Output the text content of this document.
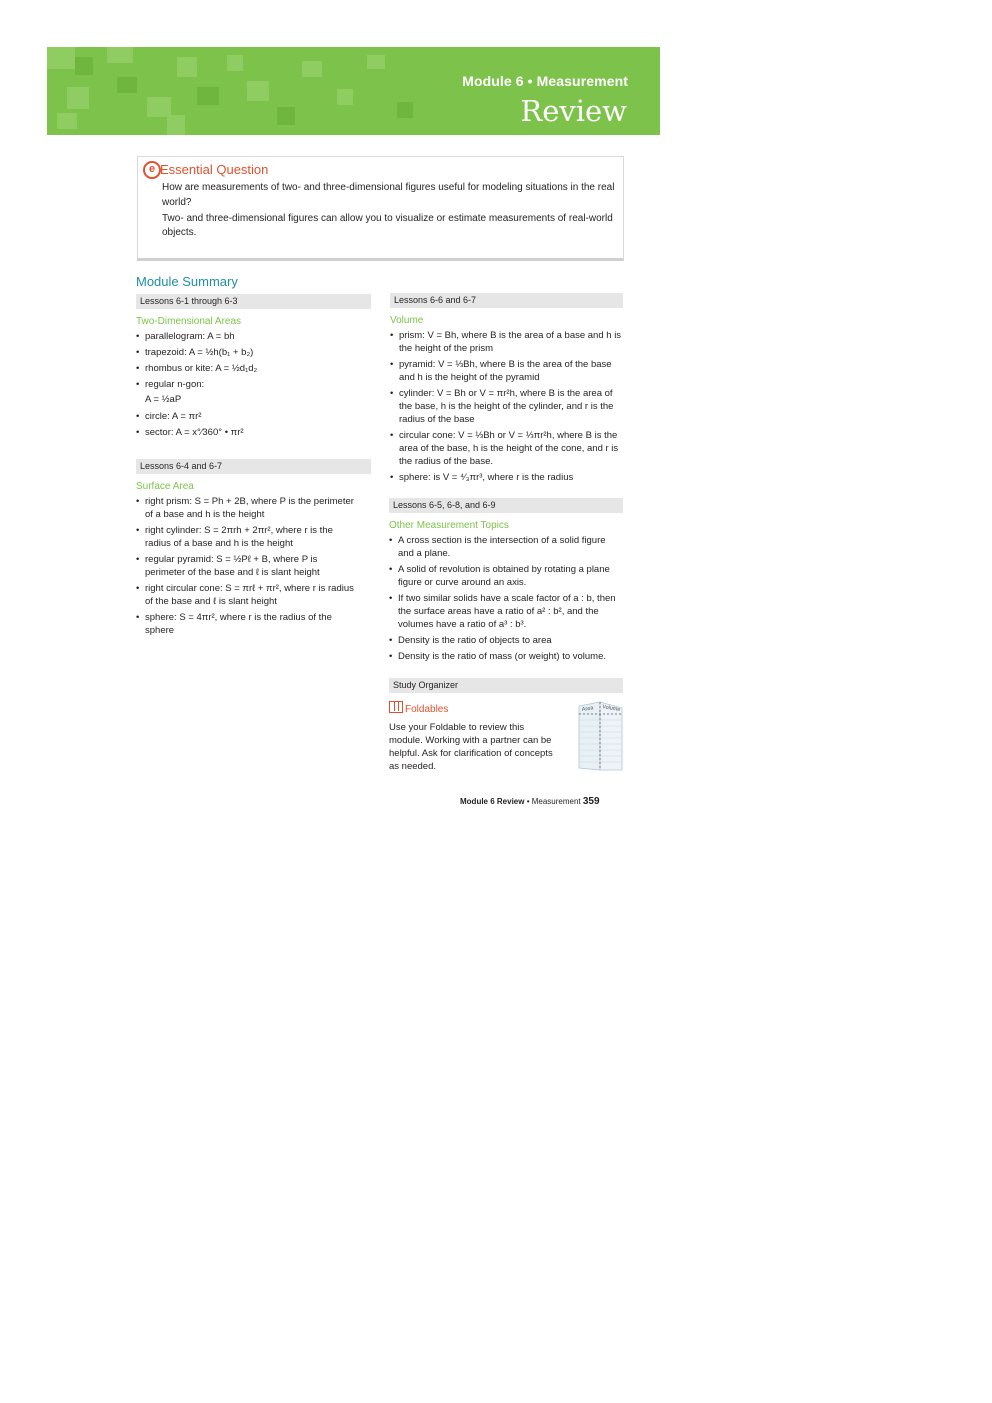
Module 6 • Measurement
Review
e Essential Question
How are measurements of two- and three-dimensional figures useful for modeling situations in the real world?
Two- and three-dimensional figures can allow you to visualize or estimate measurements of real-world objects.
Module Summary
Lessons 6-1 through 6-3
Two-Dimensional Areas
• parallelogram: A = bh
• trapezoid: A = ½h(b₁ + b₂)
• rhombus or kite: A = ½d₁d₂
• regular n-gon:
A = ½aP
• circle: A = πr²
• sector: A = x°⁄360° • πr²
Lessons 6-4 and 6-7
Surface Area
• right prism: S = Ph + 2B, where P is the perimeter of a base and h is the height
• right cylinder: S = 2πrh + 2πr², where r is the radius of a base and h is the height
• regular pyramid: S = ½Pℓ + B, where P is perimeter of the base and ℓ is slant height
• right circular cone: S = πrℓ + πr², where r is radius of the base and ℓ is slant height
• sphere: S = 4πr², where r is the radius of the sphere
Lessons 6-6 and 6-7
Volume
• prism: V = Bh, where B is the area of a base and h is the height of the prism
• pyramid: V = ⅓Bh, where B is the area of the base and h is the height of the pyramid
• cylinder: V = Bh or V = πr²h, where B is the area of the base, h is the height of the cylinder, and r is the radius of the base
• circular cone: V = ⅓Bh or V = ⅓πr²h, where B is the area of the base, h is the height of the cone, and r is the radius of the base.
• sphere: is V = ⁴⁄₃πr³, where r is the radius
Lessons 6-5, 6-8, and 6-9
Other Measurement Topics
• A cross section is the intersection of a solid figure and a plane.
• A solid of revolution is obtained by rotating a plane figure or curve around an axis.
• If two similar solids have a scale factor of a : b, then the surface areas have a ratio of a² : b², and the volumes have a ratio of a³ : b³.
• Density is the ratio of objects to area
• Density is the ratio of mass (or weight) to volume.
Study Organizer
Foldables
Use your Foldable to review this module. Working with a partner can be helpful. Ask for clarification of concepts as needed.
Area Volume
Module 6 Review • Measurement 359
